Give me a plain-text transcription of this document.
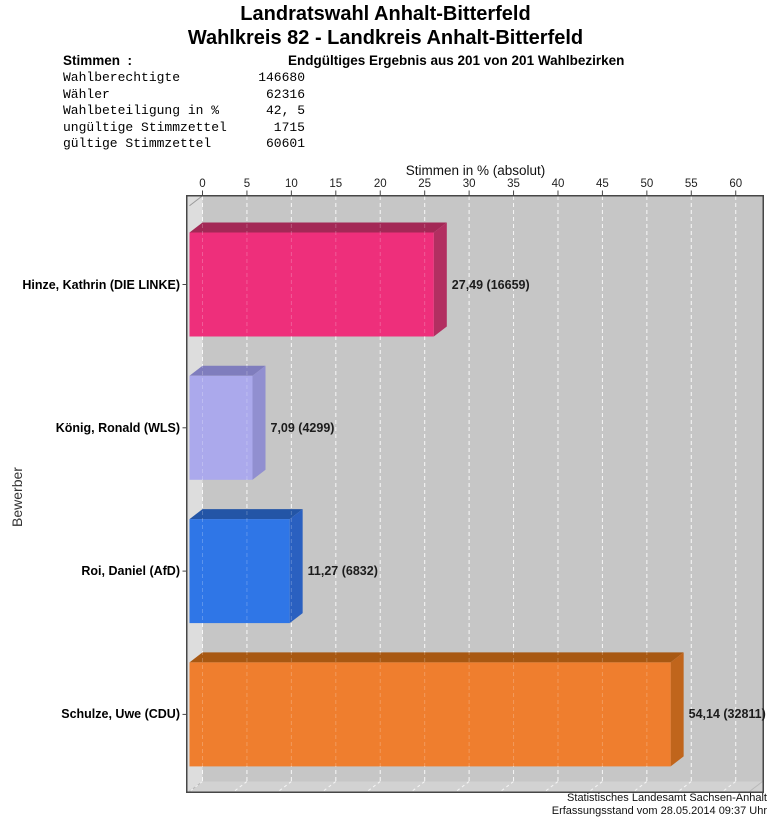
Landratswahl Anhalt-Bitterfeld
Wahlkreis 82 - Landkreis Anhalt-Bitterfeld
Stimmen  :	Endgültiges Ergebnis aus 201 von 201 Wahlbezirken
Wahlberechtigte	146680
Wähler	62316
Wahlbeteiligung in %	42, 5
ungültige Stimmzettel	1715
gültige Stimmzettel	60601
Stimmen in % (absolut)
Bewerber
0	5	10	15	20	25	30	35	40	45	50	55	60
Hinze, Kathrin (DIE LINKE)	27,49 (16659)
König, Ronald (WLS)	7,09 (4299)
Roi, Daniel (AfD)	11,27 (6832)
Schulze, Uwe (CDU)	54,14 (32811)
Statistisches Landesamt Sachsen-Anhalt
Erfassungsstand vom 28.05.2014 09:37 Uhr
